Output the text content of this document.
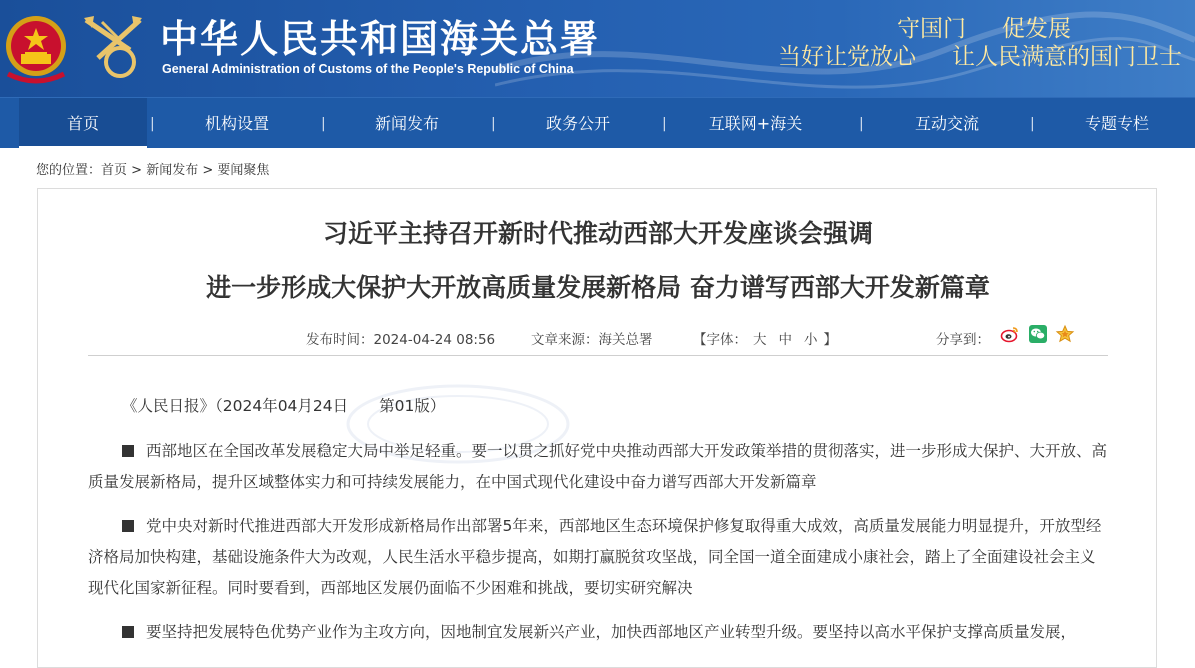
中华人民共和国海关总署
General Administration of Customs of the People's Republic of China
守国门 促发展
当好让党放心 让人民满意的国门卫士
首页	|	机构设置	|	新闻发布	|	政务公开	|	互联网+海关	|	互动交流	|	专题专栏
您的位置：首页 > 新闻发布 > 要闻聚焦
习近平主持召开新时代推动西部大开发座谈会强调
进一步形成大保护大开放高质量发展新格局 奋力谱写西部大开发新篇章
发布时间：2024-04-24 08:56	文章来源：海关总署	【字体： 大 中 小 】	分享到：
《人民日报》（2024年04月24日　　第01版）
西部地区在全国改革发展稳定大局中举足轻重。要一以贯之抓好党中央推动西部大开发政策举措的贯彻落实，进一步形成大保护、大开放、高质量发展新格局，提升区域整体实力和可持续发展能力，在中国式现代化建设中奋力谱写西部大开发新篇章
党中央对新时代推进西部大开发形成新格局作出部署5年来，西部地区生态环境保护修复取得重大成效，高质量发展能力明显提升，开放型经济格局加快构建，基础设施条件大为改观，人民生活水平稳步提高，如期打赢脱贫攻坚战，同全国一道全面建成小康社会，踏上了全面建设社会主义现代化国家新征程。同时要看到，西部地区发展仍面临不少困难和挑战，要切实研究解决
要坚持把发展特色优势产业作为主攻方向，因地制宜发展新兴产业，加快西部地区产业转型升级。要坚持以高水平保护支撑高质量发展，
